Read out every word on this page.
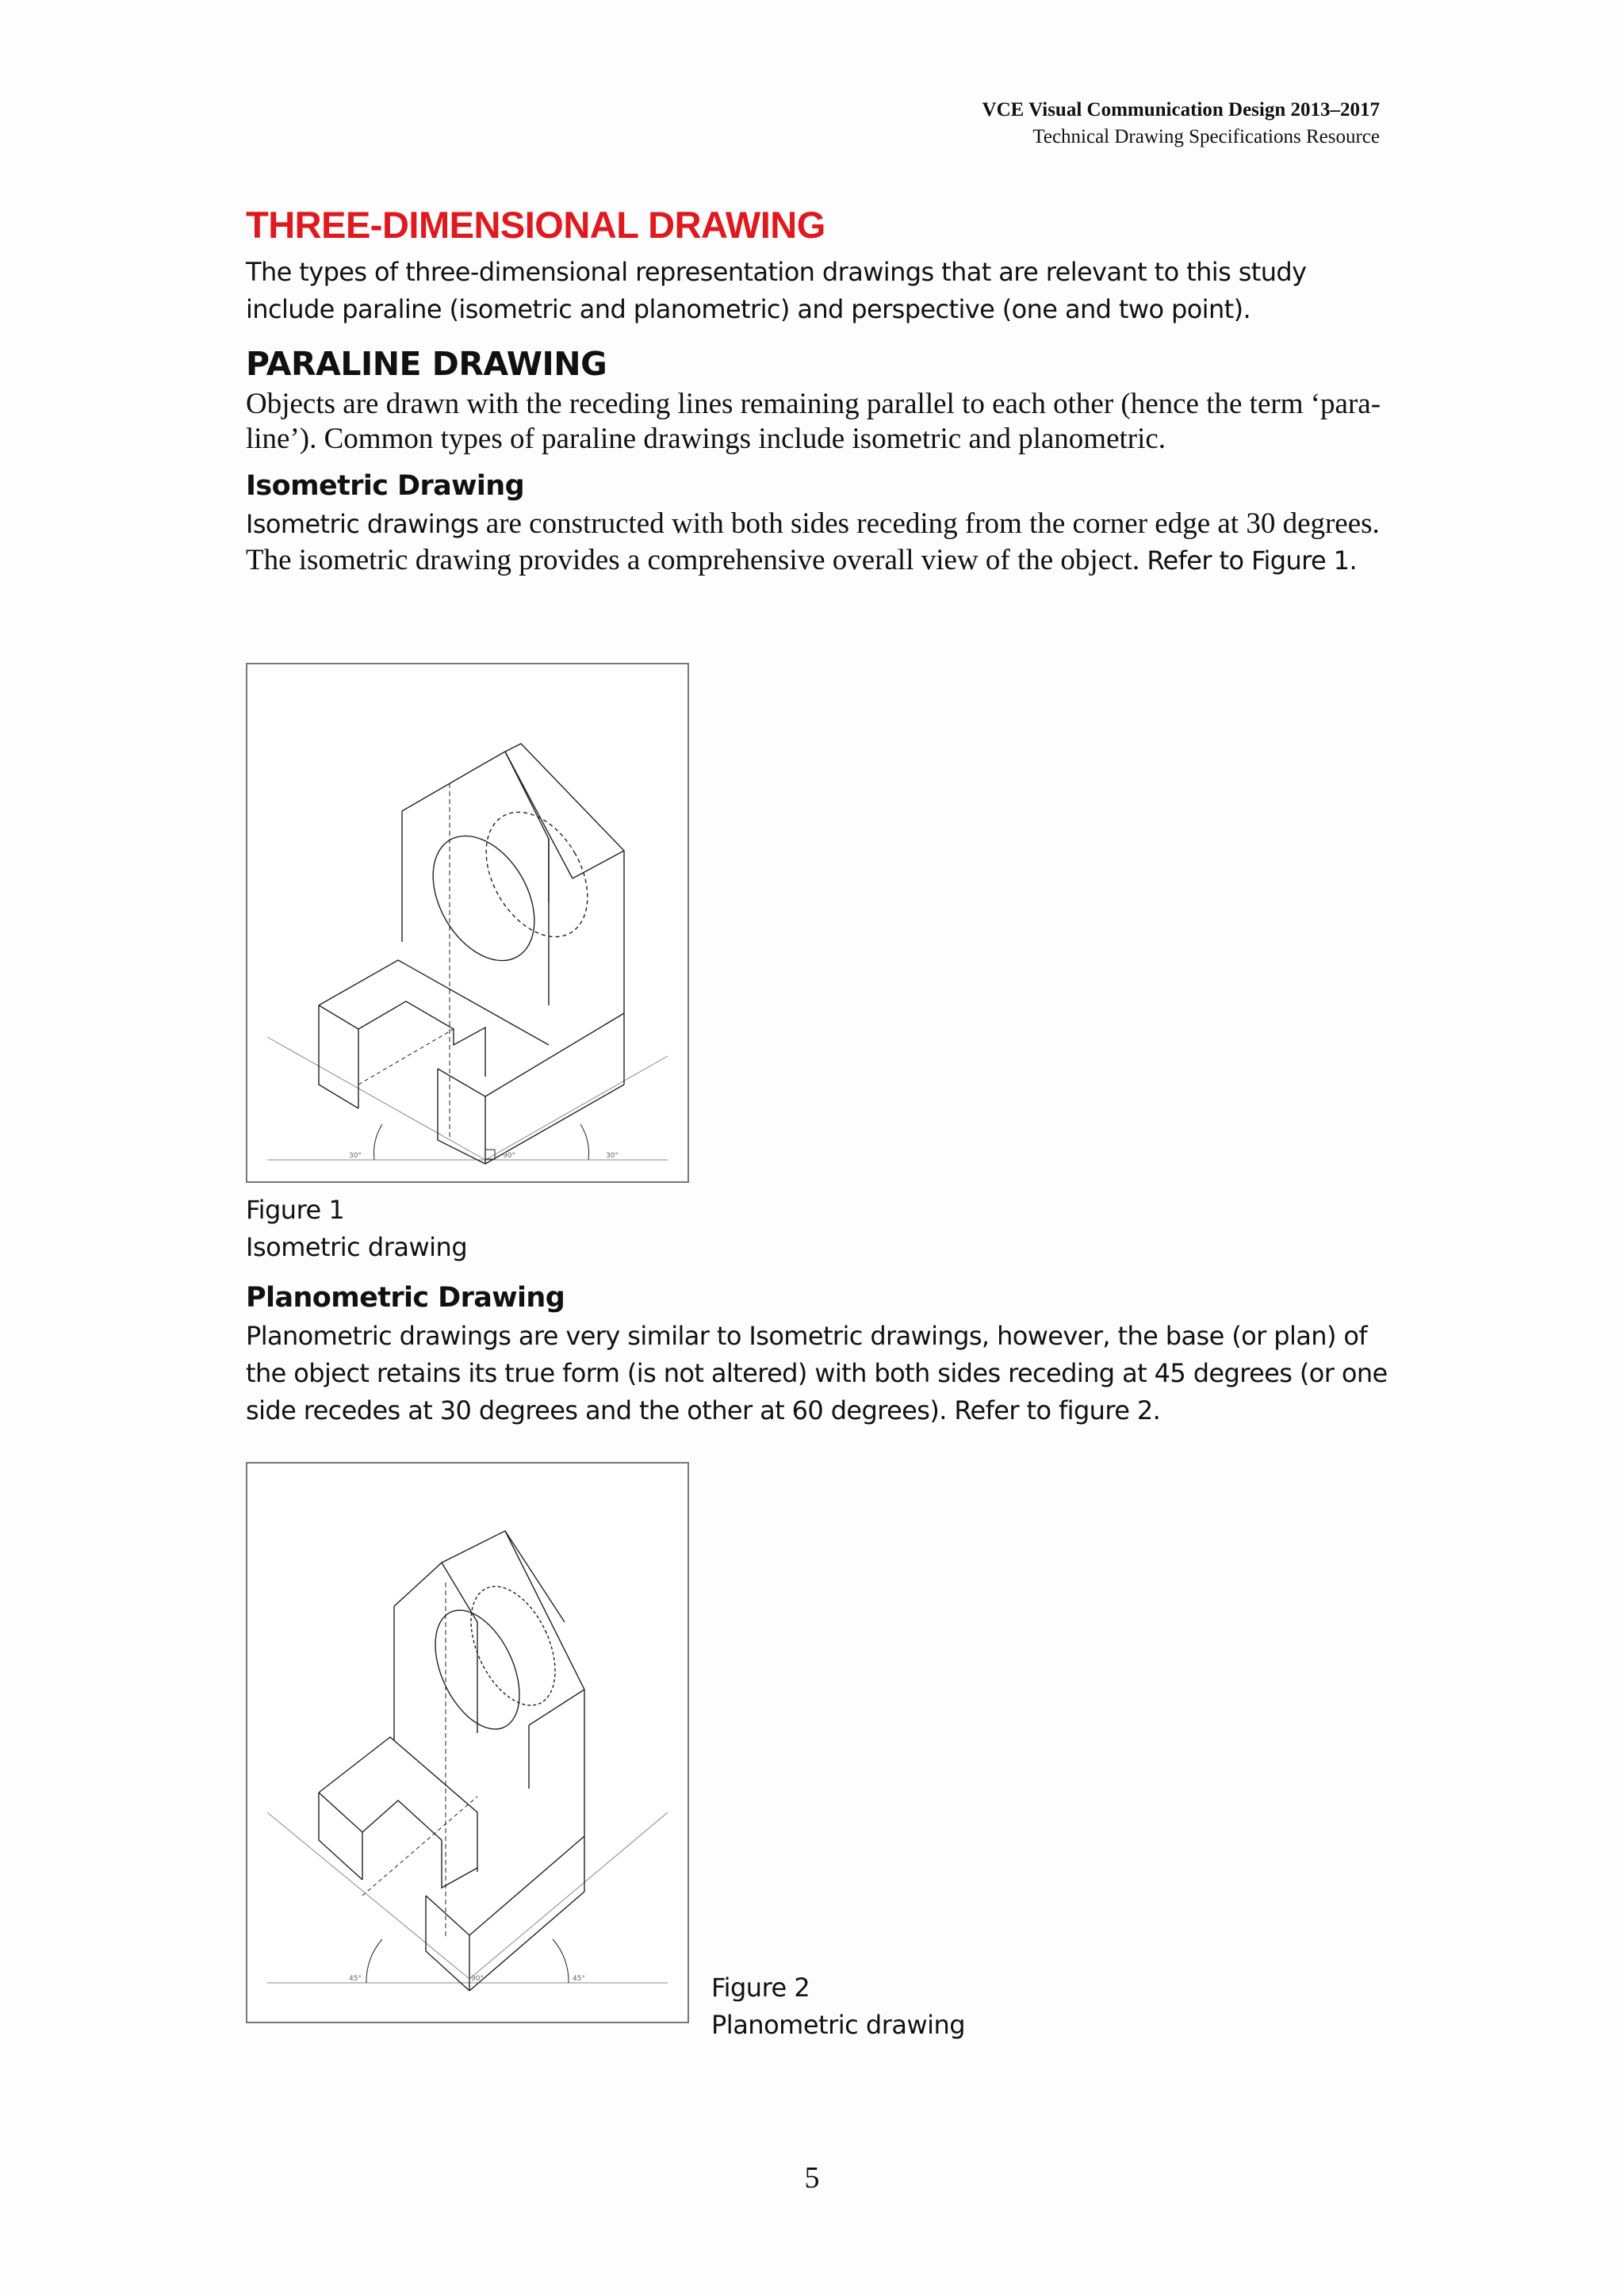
VCE Visual Communication Design 2013–2017
Technical Drawing Specifications Resource
THREE-DIMENSIONAL DRAWING

The types of three-dimensional representation drawings that are relevant to this study include paraline (isometric and planometric) and perspective (one and two point).

PARALINE DRAWING

Objects are drawn with the receding lines remaining parallel to each other (hence the term ‘para-line’). Common types of paraline drawings include isometric and planometric.

Isometric Drawing

Isometric drawings are constructed with both sides receding from the corner edge at 30 degrees. The isometric drawing provides a comprehensive overall view of the object. Refer to Figure 1.

30°	90°	30°
Figure 1
Isometric drawing
Planometric Drawing

Planometric drawings are very similar to Isometric drawings, however, the base (or plan) of the object retains its true form (is not altered) with both sides receding at 45 degrees (or one side recedes at 30 degrees and the other at 60 degrees). Refer to figure 2.

45°	90°	45°	Figure 2
Planometric drawing
5
